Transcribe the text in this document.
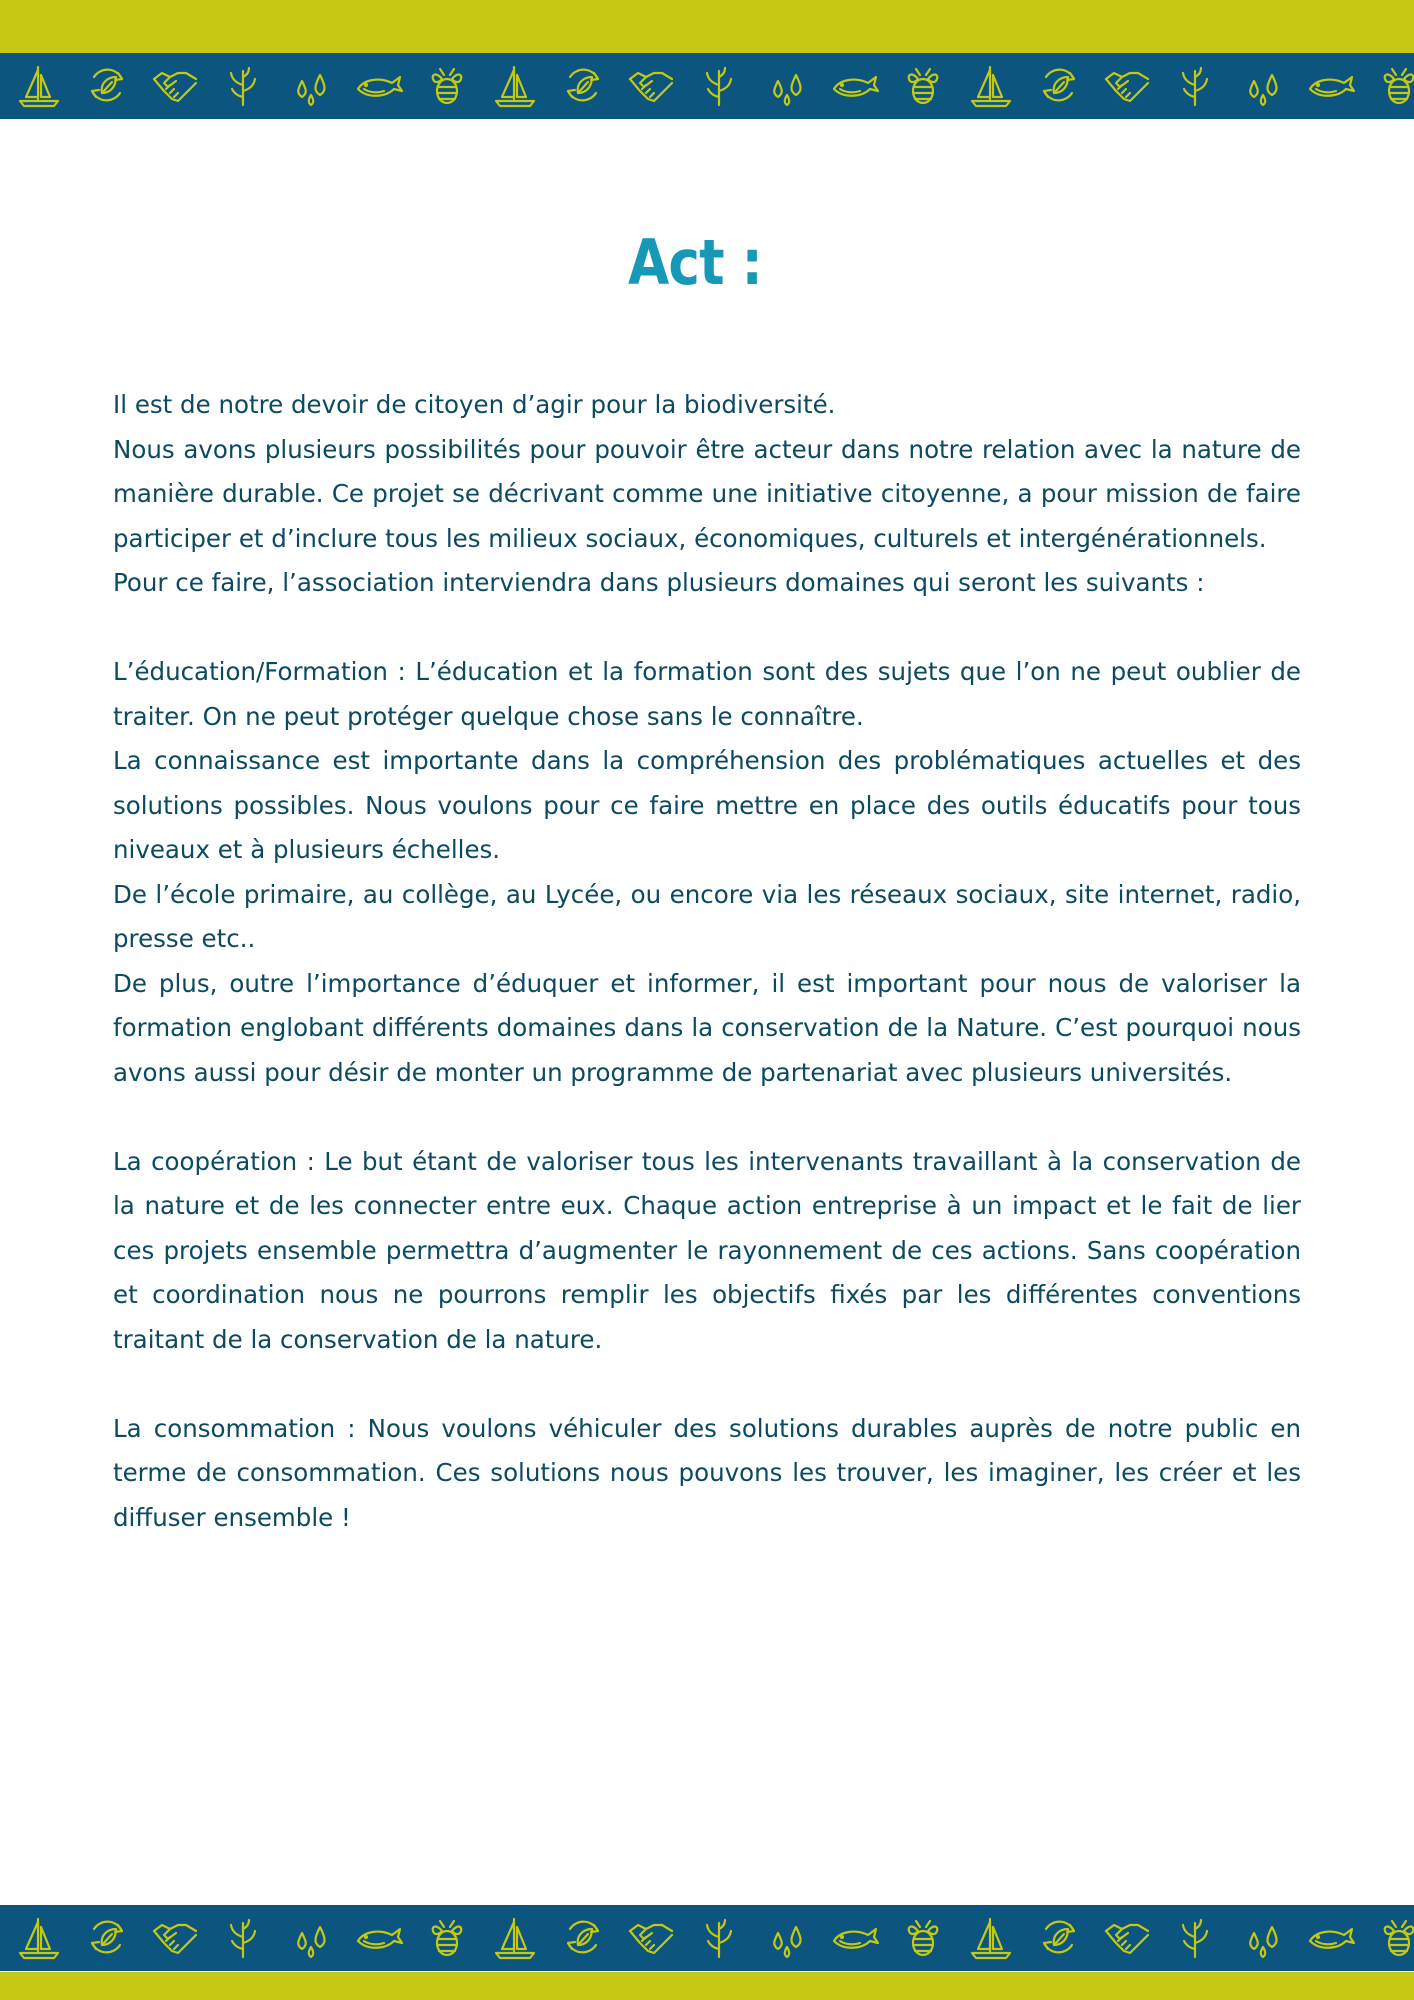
Act :

Il est de notre devoir de citoyen d’agir pour la biodiversité.

Nous avons plusieurs possibilités pour pouvoir être acteur dans notre relation avec la nature de manière durable. Ce projet se décrivant comme une initiative citoyenne, a pour mission de faire participer et d’inclure tous les milieux sociaux, économiques, culturels et intergénérationnels.

Pour ce faire, l’association interviendra dans plusieurs domaines qui seront les suivants :

L’éducation/Formation : L’éducation et la formation sont des sujets que l’on ne peut oublier de traiter. On ne peut protéger quelque chose sans le connaître.

La connaissance est importante dans la compréhension des problématiques actuelles et des solutions possibles. Nous voulons pour ce faire mettre en place des outils éducatifs pour tous niveaux et à plusieurs échelles.

De l’école primaire, au collège, au Lycée, ou encore via les réseaux sociaux, site internet, radio, presse etc..

De plus, outre l’importance d’éduquer et informer, il est important pour nous de valoriser la formation englobant différents domaines dans la conservation de la Nature. C’est pourquoi nous avons aussi pour désir de monter un programme de partenariat avec plusieurs universités.

La coopération : Le but étant de valoriser tous les intervenants travaillant à la conservation de la nature et de les connecter entre eux. Chaque action entreprise à un impact et le fait de lier ces projets ensemble permettra d’augmenter le rayonnement de ces actions. Sans coopération et coordination nous ne pourrons remplir les objectifs fixés par les différentes conventions traitant de la conservation de la nature.

La consommation : Nous voulons véhiculer des solutions durables auprès de notre public en terme de consommation. Ces solutions nous pouvons les trouver, les imaginer, les créer et les diffuser ensemble !
